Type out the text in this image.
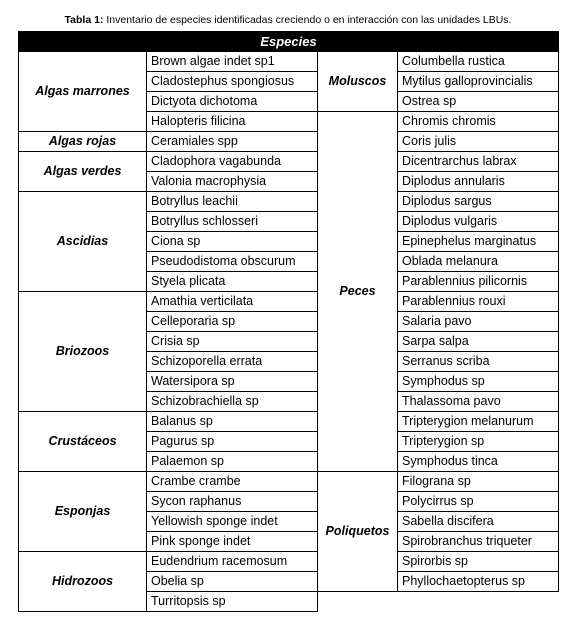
Tabla 1: Inventario de especies identificadas creciendo o en interacción con las unidades LBUs.
Especies			
Algas marrones	Brown algae indet sp1	Moluscos	Columbella rustica
	Cladostephus spongiosus		Mytilus galloprovincialis
	Dictyota dichotoma		Ostrea sp
	Halopteris filicina	Peces	Chromis chromis
Algas rojas	Ceramiales spp		Coris julis
Algas verdes	Cladophora vagabunda		Dicentrarchus labrax
	Valonia macrophysia		Diplodus annularis
Ascidias	Botryllus leachii		Diplodus sargus
	Botryllus schlosseri		Diplodus vulgaris
	Ciona sp		Epinephelus marginatus
	Pseudodistoma obscurum		Oblada melanura
	Styela plicata		Parablennius pilicornis
Briozoos	Amathia verticilata		Parablennius rouxi
	Celleporaria sp		Salaria pavo
	Crisia sp		Sarpa salpa
	Schizoporella errata		Serranus scriba
	Watersipora sp		Symphodus sp
	Schizobrachiella sp		Thalassoma pavo
Crustáceos	Balanus sp		Tripterygion melanurum
	Pagurus sp		Tripterygion sp
	Palaemon sp		Symphodus tinca
Esponjas	Crambe crambe	Poliquetos	Filograna sp
	Sycon raphanus		Polycirrus sp
	Yellowish sponge indet		Sabella discifera
	Pink sponge indet		Spirobranchus triqueter
Hidrozoos	Eudendrium racemosum		Spirorbis sp
	Obelia sp		Phyllochaetopterus sp
	Turritopsis sp		
